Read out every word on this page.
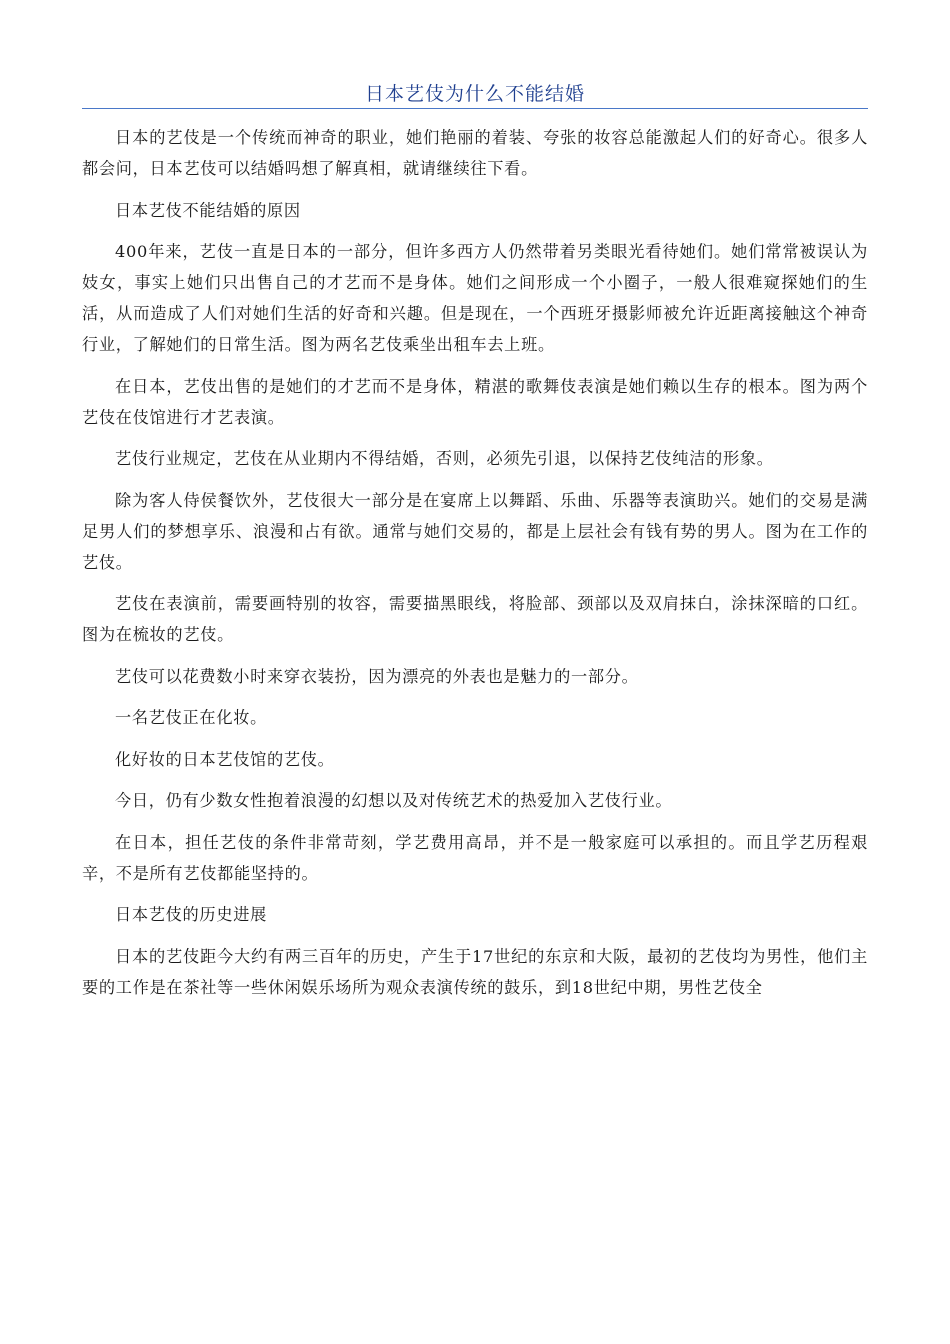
日本艺伎为什么不能结婚

日本的艺伎是一个传统而神奇的职业，她们艳丽的着装、夸张的妆容总能激起人们的好奇心。很多人都会问，日本艺伎可以结婚吗想了解真相，就请继续往下看。

日本艺伎不能结婚的原因

400年来，艺伎一直是日本的一部分，但许多西方人仍然带着另类眼光看待她们。她们常常被误认为妓女，事实上她们只出售自己的才艺而不是身体。她们之间形成一个小圈子，一般人很难窥探她们的生活，从而造成了人们对她们生活的好奇和兴趣。但是现在，一个西班牙摄影师被允许近距离接触这个神奇行业，了解她们的日常生活。图为两名艺伎乘坐出租车去上班。

在日本，艺伎出售的是她们的才艺而不是身体，精湛的歌舞伎表演是她们赖以生存的根本。图为两个艺伎在伎馆进行才艺表演。

艺伎行业规定，艺伎在从业期内不得结婚，否则，必须先引退，以保持艺伎纯洁的形象。

除为客人侍侯餐饮外，艺伎很大一部分是在宴席上以舞蹈、乐曲、乐器等表演助兴。她们的交易是满足男人们的梦想享乐、浪漫和占有欲。通常与她们交易的，都是上层社会有钱有势的男人。图为在工作的艺伎。

艺伎在表演前，需要画特别的妆容，需要描黑眼线，将脸部、颈部以及双肩抹白，涂抹深暗的口红。图为在梳妆的艺伎。

艺伎可以花费数小时来穿衣装扮，因为漂亮的外表也是魅力的一部分。

一名艺伎正在化妆。

化好妆的日本艺伎馆的艺伎。

今日，仍有少数女性抱着浪漫的幻想以及对传统艺术的热爱加入艺伎行业。

在日本，担任艺伎的条件非常苛刻，学艺费用高昂，并不是一般家庭可以承担的。而且学艺历程艰辛，不是所有艺伎都能坚持的。

日本艺伎的历史进展

日本的艺伎距今大约有两三百年的历史，产生于17世纪的东京和大阪，最初的艺伎均为男性，他们主要的工作是在茶社等一些休闲娱乐场所为观众表演传统的鼓乐，到18世纪中期，男性艺伎全
